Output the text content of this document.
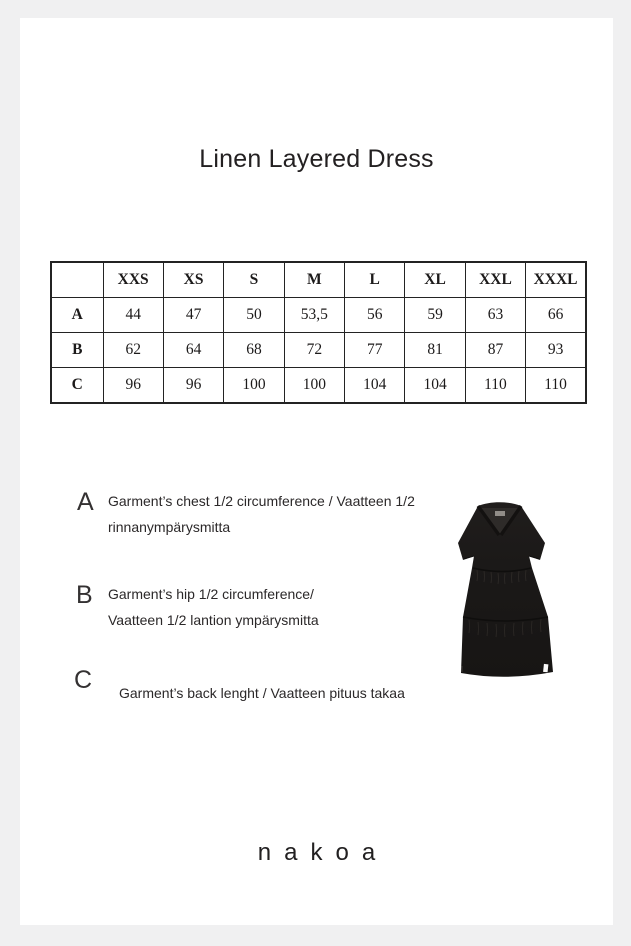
Linen Layered Dress
	XXS	XS	S	M	L	XL	XXL	XXXL
A	44	47	50	53,5	56	59	63	66
B	62	64	68	72	77	81	87	93
C	96	96	100	100	104	104	110	110
A Garment’s chest 1/2 circumference / Vaatteen 1/2
rinnanympärysmitta
B Garment’s hip 1/2 circumference/
Vaatteen 1/2 lantion ympärysmitta
C Garment’s back lenght / Vaatteen pituus takaa
nakoa
